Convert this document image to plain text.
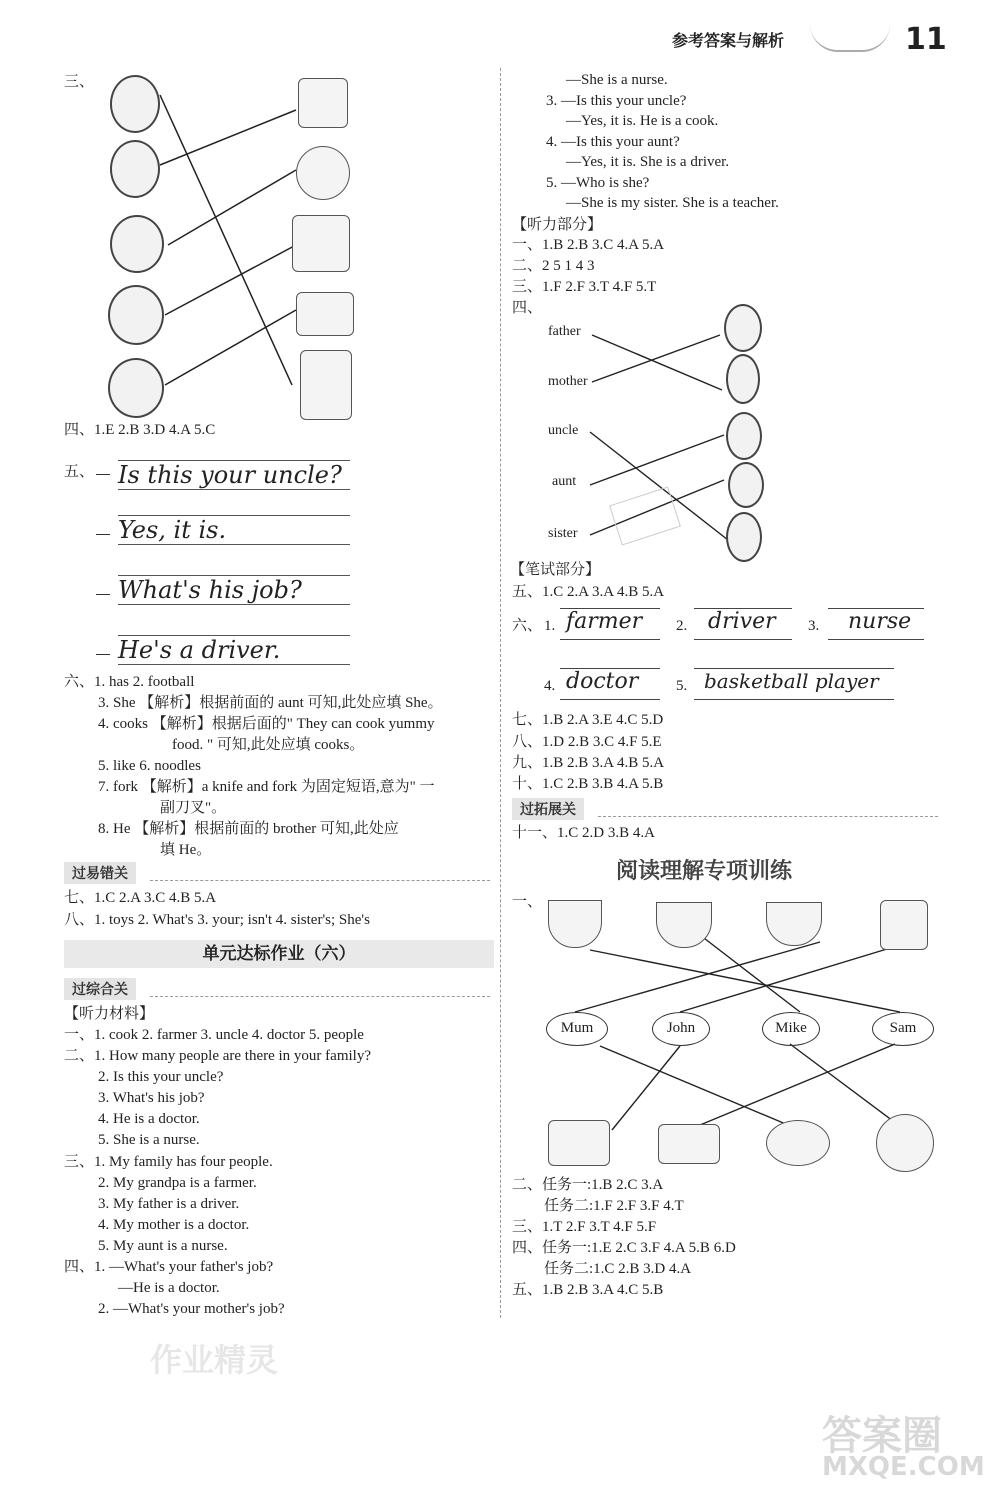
参考答案与解析	11
三、
四、1.E 2.B 3.D 4.A 5.C
五、 Is this your uncle?
Yes, it is.
What's his job?
He's a driver.
六、1. has 2. football
3. She 【解析】根据前面的 aunt 可知,此处应填 She。
4. cooks 【解析】根据后面的" They can cook yummy
food. " 可知,此处应填 cooks。
5. like 6. noodles
7. fork 【解析】a knife and fork 为固定短语,意为" 一
副刀叉"。
8. He 【解析】根据前面的 brother 可知,此处应
填 He。
过易错关
七、1.C 2.A 3.C 4.B 5.A
八、1. toys 2. What's 3. your; isn't 4. sister's; She's
单元达标作业（六）
过综合关
【听力材料】
一、1. cook 2. farmer 3. uncle 4. doctor 5. people
二、1. How many people are there in your family?
2. Is this your uncle?
3. What's his job?
4. He is a doctor.
5. She is a nurse.
三、1. My family has four people.
2. My grandpa is a farmer.
3. My father is a driver.
4. My mother is a doctor.
5. My aunt is a nurse.
四、1. —What's your father's job?
—He is a doctor.
2. —What's your mother's job?
作业精灵
—She is a nurse.
3. —Is this your uncle?
—Yes, it is. He is a cook.
4. —Is this your aunt?
—Yes, it is. She is a driver.
5. —Who is she?
—She is my sister. She is a teacher.
【听力部分】
一、1.B 2.B 3.C 4.A 5.A
二、2 5 1 4 3
三、1.F 2.F 3.T 4.F 5.T
四、
father
mother
uncle
aunt
sister
【笔试部分】
五、1.C 2.A 3.A 4.B 5.A
六、 1. farmer	2. driver	3.	nurse
4. doctor	5. basketball player
七、1.B 2.A 3.E 4.C 5.D
八、1.D 2.B 3.C 4.F 5.E
九、1.B 2.B 3.A 4.B 5.A
十、1.C 2.B 3.B 4.A 5.B
过拓展关
十一、1.C 2.D 3.B 4.A
阅读理解专项训练
一、
Mum	John	Mike	Sam
二、任务一:1.B 2.C 3.A
任务二:1.F 2.F 3.F 4.T
三、1.T 2.F 3.T 4.F 5.F
四、任务一:1.E 2.C 3.F 4.A 5.B 6.D
任务二:1.C 2.B 3.D 4.A
五、1.B 2.B 3.A 4.C 5.B
答案圈
MXQE.COM
